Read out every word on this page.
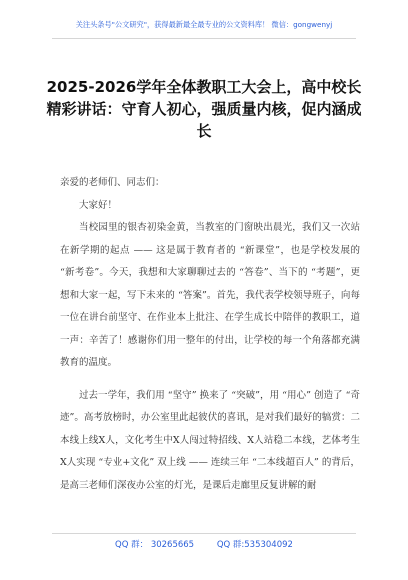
关注头条号"公文研究"，获得最新最全最专业的公文资料库！ 微信：gongwenyj
2025-2026学年全体教职工大会上，高中校长精彩讲话：守育人初心，强质量内核，促内涵成长

亲爱的老师们、同志们：

大家好！

当校园里的银杏初染金黄，当教室的门窗映出晨光，我们又一次站在新学期的起点 —— 这是属于教育者的 “新课堂”，也是学校发展的 “新考卷”。今天，我想和大家聊聊过去的 “答卷”、当下的 “考题”，更想和大家一起，写下未来的 “答案”。首先，我代表学校领导班子，向每一位在讲台前坚守、在作业本上批注、在学生成长中陪伴的教职工，道一声：辛苦了！感谢你们用一整年的付出，让学校的每一个角落都充满教育的温度。

过去一学年，我们用 “坚守” 换来了 “突破”，用 “用心” 创造了 “奇迹”。高考放榜时，办公室里此起彼伏的喜讯，是对我们最好的犒赏：二本线上线X人，文化考生中X人闯过特招线、X人站稳二本线，艺体考生X人实现 “专业+文化” 双上线 —— 连续三年 “二本线超百人” 的背后，是高三老师们深夜办公室的灯光，是课后走廊里反复讲解的耐

QQ 群： 30265665	QQ 群:535304092
